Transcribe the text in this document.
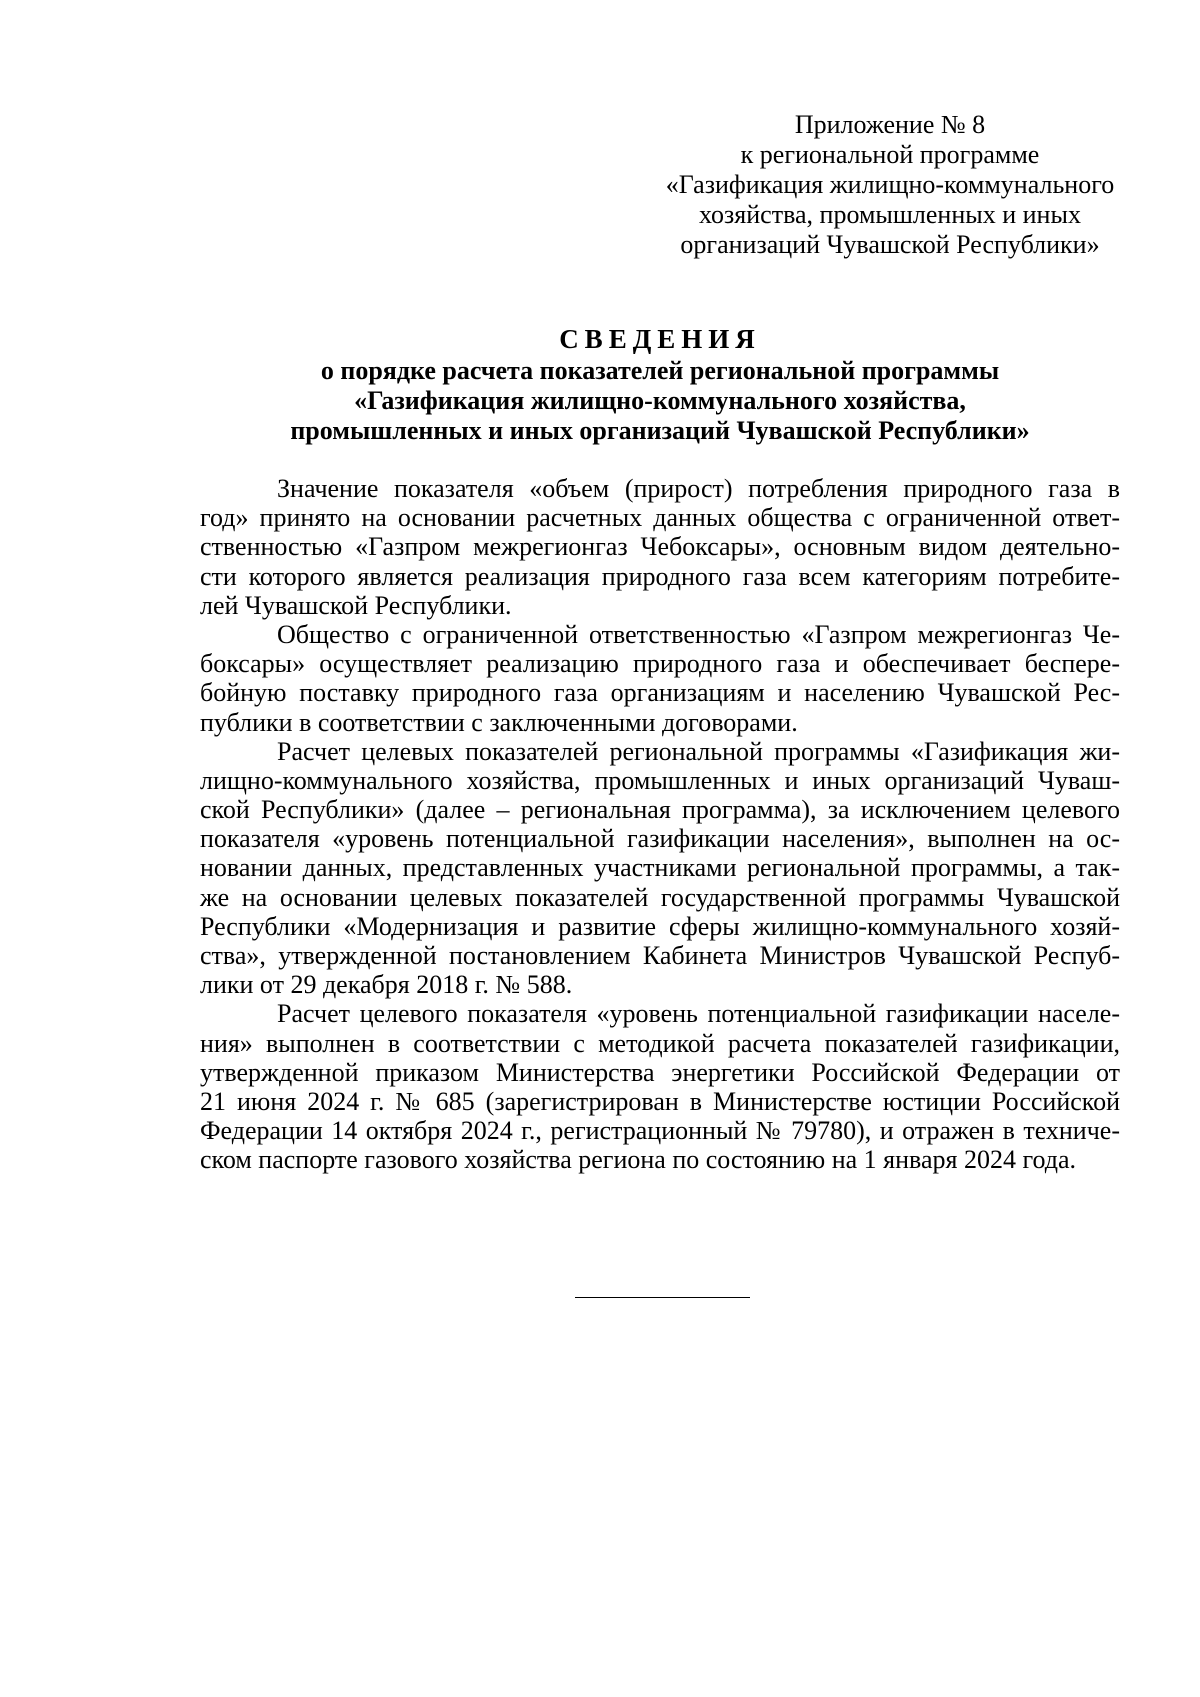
Приложение № 8
к региональной программе
«Газификация жилищно-коммунального
хозяйства, промышленных и иных
организаций Чувашской Республики»
СВЕДЕНИЯ
о порядке расчета показателей региональной программы
«Газификация жилищно-коммунального хозяйства,
промышленных и иных организаций Чувашской Республики»
Значение показателя «объем (прирост) потребления природного газа в
год» принято на основании расчетных данных общества с ограниченной ответ-
ственностью «Газпром межрегионгаз Чебоксары», основным видом деятельно-
сти которого является реализация природного газа всем категориям потребите-
лей Чувашской Республики.
Общество с ограниченной ответственностью «Газпром межрегионгаз Че-
боксары» осуществляет реализацию природного газа и обеспечивает беспере-
бойную поставку природного газа организациям и населению Чувашской Рес-
публики в соответствии с заключенными договорами.
Расчет целевых показателей региональной программы «Газификация жи-
лищно-коммунального хозяйства, промышленных и иных организаций Чуваш-
ской Республики» (далее – региональная программа), за исключением целевого
показателя «уровень потенциальной газификации населения», выполнен на ос-
новании данных, представленных участниками региональной программы, а так-
же на основании целевых показателей государственной программы Чувашской
Республики «Модернизация и развитие сферы жилищно-коммунального хозяй-
ства», утвержденной постановлением Кабинета Министров Чувашской Респуб-
лики от 29 декабря 2018 г. № 588.
Расчет целевого показателя «уровень потенциальной газификации населе-
ния» выполнен в соответствии с методикой расчета показателей газификации,
утвержденной приказом Министерства энергетики Российской Федерации от
21 июня 2024 г. № 685 (зарегистрирован в Министерстве юстиции Российской
Федерации 14 октября 2024 г., регистрационный № 79780), и отражен в техниче-
ском паспорте газового хозяйства региона по состоянию на 1 января 2024 года.
